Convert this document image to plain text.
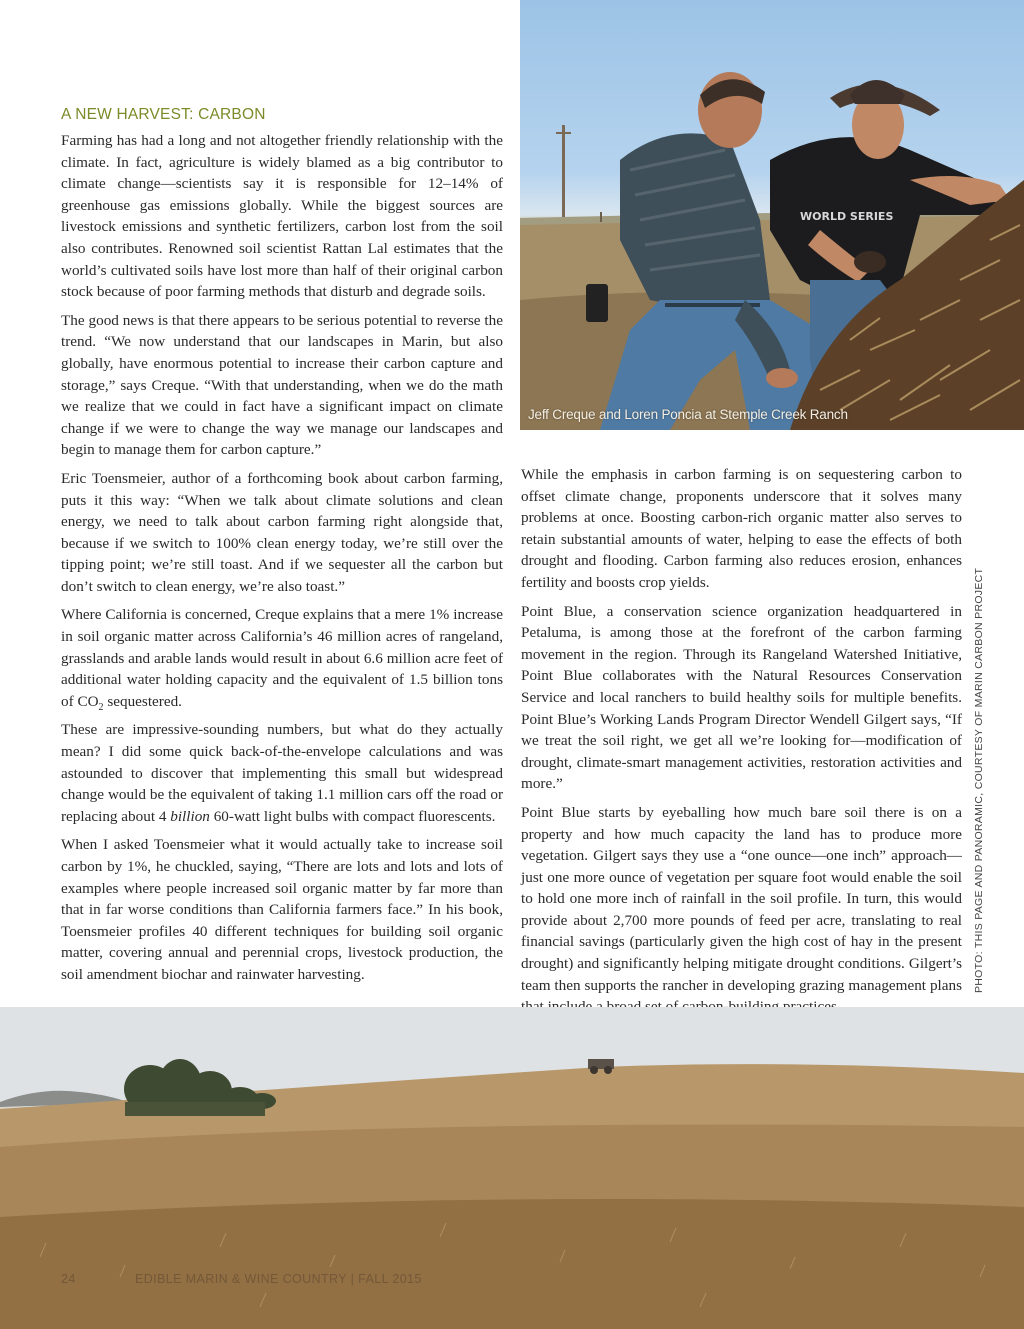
WORLD SERIES
Jeff Creque and Loren Poncia at Stemple Creek Ranch
A NEW HARVEST: CARBON

Farming has had a long and not altogether friendly relationship with the climate. In fact, agriculture is widely blamed as a big contributor to climate change—scientists say it is responsible for 12–14% of greenhouse gas emissions globally. While the biggest sources are livestock emissions and synthetic fertilizers, carbon lost from the soil also contributes. Renowned soil scientist Rattan Lal estimates that the world’s cultivated soils have lost more than half of their original carbon stock because of poor farming methods that disturb and degrade soils.

The good news is that there appears to be serious potential to reverse the trend. “We now understand that our landscapes in Marin, but also globally, have enormous potential to increase their carbon capture and storage,” says Creque. “With that understanding, when we do the math we realize that we could in fact have a significant impact on climate change if we were to change the way we manage our landscapes and begin to manage them for carbon capture.”

Eric Toensmeier, author of a forthcoming book about carbon farming, puts it this way: “When we talk about climate solutions and clean energy, we need to talk about carbon farming right alongside that, because if we switch to 100% clean energy today, we’re still over the tipping point; we’re still toast. And if we sequester all the carbon but don’t switch to clean energy, we’re also toast.”

Where California is concerned, Creque explains that a mere 1% increase in soil organic matter across California’s 46 million acres of rangeland, grasslands and arable lands would result in about 6.6 million acre feet of additional water holding capacity and the equivalent of 1.5 billion tons of $CO_2$ sequestered.

These are impressive-sounding numbers, but what do they actually mean? I did some quick back-of-the-envelope calculations and was astounded to discover that implementing this small but widespread change would be the equivalent of taking 1.1 million cars off the road or replacing about 4 billion 60-watt light bulbs with compact fluorescents.

When I asked Toensmeier what it would actually take to increase soil carbon by 1%, he chuckled, saying, “There are lots and lots and lots of examples where people increased soil organic matter by far more than that in far worse conditions than California farmers face.” In his book, Toensmeier profiles 40 different techniques for building soil organic matter, covering annual and perennial crops, livestock production, the soil amendment biochar and rainwater harvesting.

While the emphasis in carbon farming is on sequestering carbon to offset climate change, proponents underscore that it solves many problems at once. Boosting carbon-rich organic matter also serves to retain substantial amounts of water, helping to ease the effects of both drought and flooding. Carbon farming also reduces erosion, enhances fertility and boosts crop yields.

Point Blue, a conservation science organization headquartered in Petaluma, is among those at the forefront of the carbon farming movement in the region. Through its Rangeland Watershed Initiative, Point Blue collaborates with the Natural Resources Conservation Service and local ranchers to build healthy soils for multiple benefits. Point Blue’s Working Lands Program Director Wendell Gilgert says, “If we treat the soil right, we get all we’re looking for—modification of drought, climate-smart management activities, restoration activities and more.”

Point Blue starts by eyeballing how much bare soil there is on a property and how much capacity the land has to produce more vegetation. Gilgert says they use a “one ounce—one inch” approach—just one more ounce of vegetation per square foot would enable the soil to hold one more inch of rainfall in the soil profile. In turn, this would provide about 2,700 more pounds of feed per acre, translating to real financial savings (particularly given the high cost of hay in the present drought) and significantly helping mitigate drought conditions. Gilgert’s team then supports the rancher in developing grazing management plans PHOTO: THIS PAGE AND PANORAMIC, COURTESY OF MARIN CARBON PROJECT
24	EDIBLE MARIN & WINE COUNTRY | FALL 2015
